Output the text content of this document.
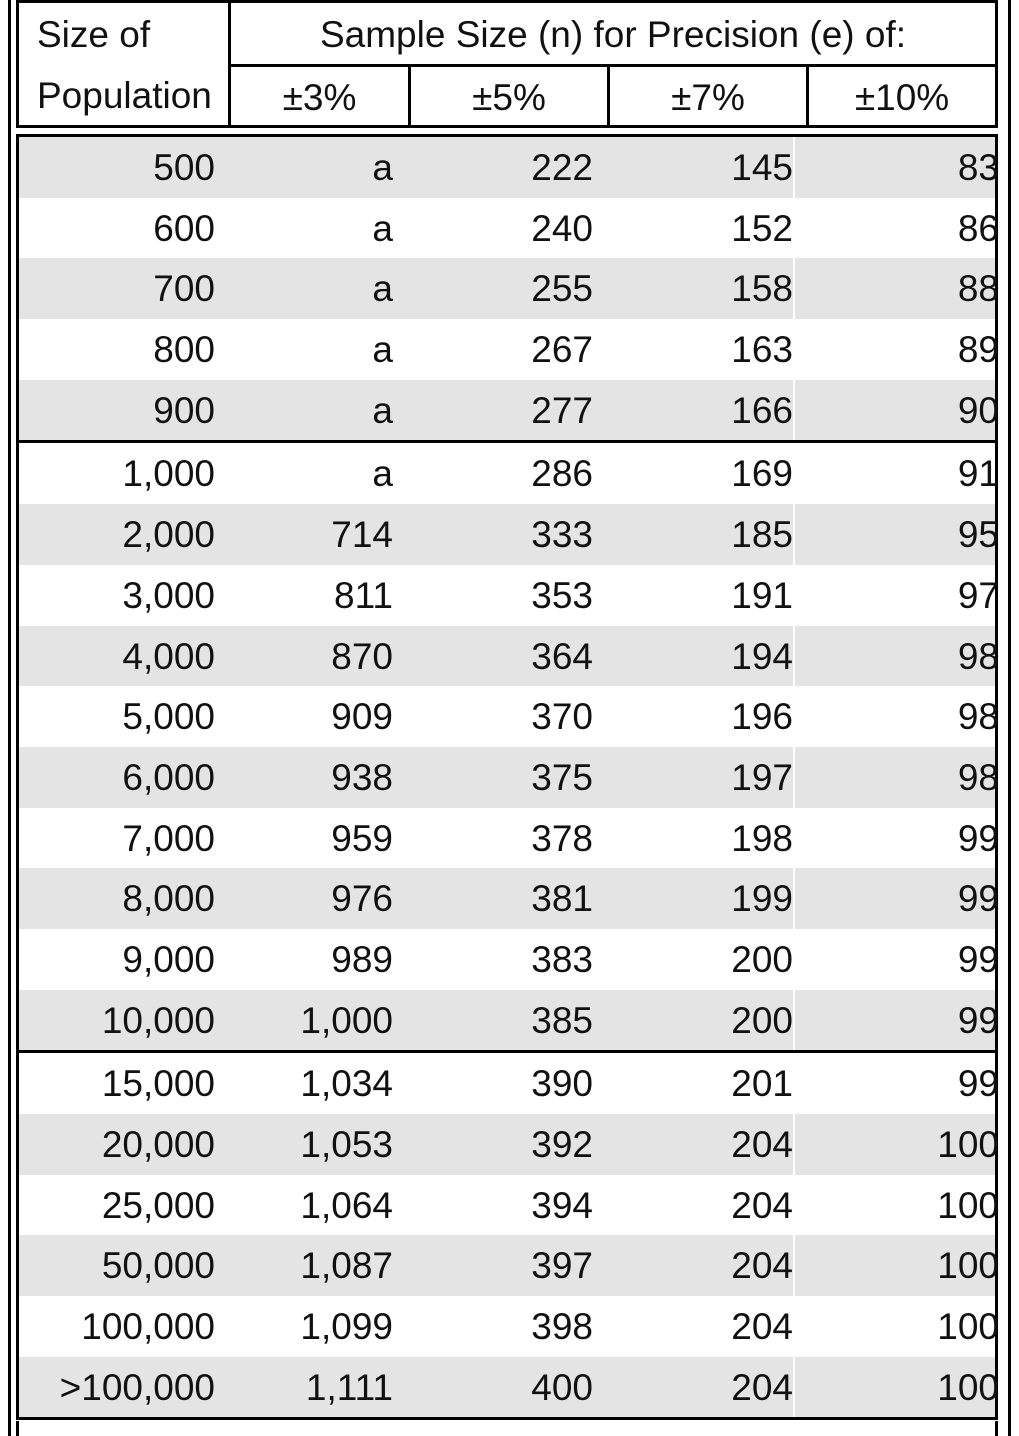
Size of
Population
Sample Size (n) for Precision (e) of:
±3%	±5%	±7%	±10%
500	a	222	145	83
600	a	240	152	86
700	a	255	158	88
800	a	267	163	89
900	a	277	166	90
1,000	a	286	169	91
2,000	714	333	185	95
3,000	811	353	191	97
4,000	870	364	194	98
5,000	909	370	196	98
6,000	938	375	197	98
7,000	959	378	198	99
8,000	976	381	199	99
9,000	989	383	200	99
10,000	1,000	385	200	99
15,000	1,034	390	201	99
20,000	1,053	392	204	100
25,000	1,064	394	204	100
50,000	1,087	397	204	100
100,000	1,099	398	204	100
>100,000	1,111	400	204	100
